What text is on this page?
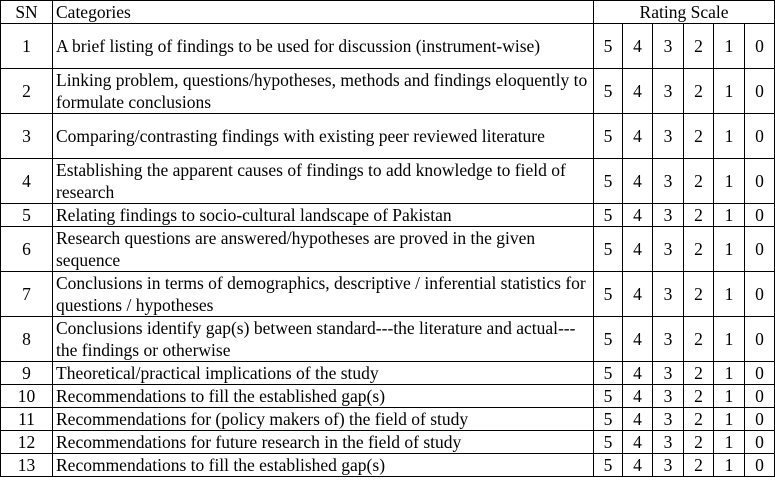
SN	Categories	Rating Scale					
1	A brief listing of findings to be used for discussion (instrument-wise)	5	4	3	2	1	0
2	Linking problem, questions/hypotheses, methods and findings eloquently to formulate conclusions	5	4	3	2	1	0
3	Comparing/contrasting findings with existing peer reviewed literature	5	4	3	2	1	0
4	Establishing the apparent causes of findings to add knowledge to field of research	5	4	3	2	1	0
5	Relating findings to socio-cultural landscape of Pakistan	5	4	3	2	1	0
6	Research questions are answered/hypotheses are proved in the given sequence	5	4	3	2	1	0
7	Conclusions in terms of demographics, descriptive / inferential statistics for questions / hypotheses	5	4	3	2	1	0
8	Conclusions identify gap(s) between standard---the literature and actual---the findings or otherwise	5	4	3	2	1	0
9	Theoretical/practical implications of the study	5	4	3	2	1	0
10	Recommendations to fill the established gap(s)	5	4	3	2	1	0
11	Recommendations for (policy makers of) the field of study	5	4	3	2	1	0
12	Recommendations for future research in the field of study	5	4	3	2	1	0
13	Recommendations to fill the established gap(s)	5	4	3	2	1	0
